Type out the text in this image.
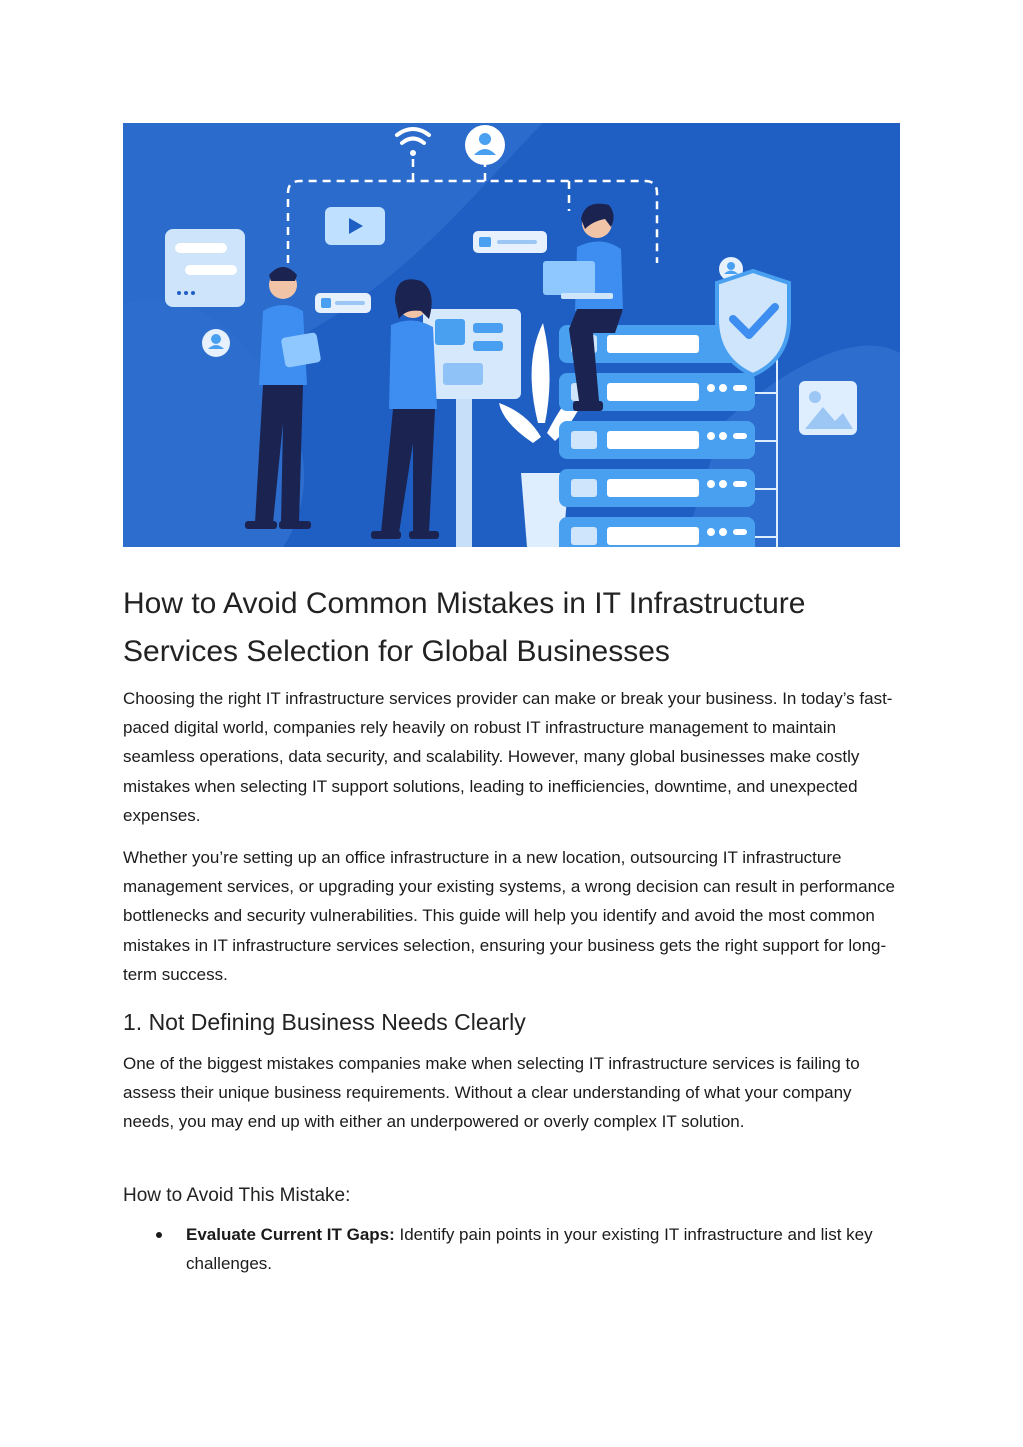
How to Avoid Common Mistakes in IT Infrastructure Services Selection for Global Businesses

Choosing the right IT infrastructure services provider can make or break your business. In today’s fast-paced digital world, companies rely heavily on robust IT infrastructure management to maintain seamless operations, data security, and scalability. However, many global businesses make costly mistakes when selecting IT support solutions, leading to inefficiencies, downtime, and unexpected expenses.

Whether you’re setting up an office infrastructure in a new location, outsourcing IT infrastructure management services, or upgrading your existing systems, a wrong decision can result in performance bottlenecks and security vulnerabilities. This guide will help you identify and avoid the most common mistakes in IT infrastructure services selection, ensuring your business gets the right support for long-term success.

1. Not Defining Business Needs Clearly

One of the biggest mistakes companies make when selecting IT infrastructure services is failing to assess their unique business requirements. Without a clear understanding of what your company needs, you may end up with either an underpowered or overly complex IT solution.

How to Avoid This Mistake:
Evaluate Current IT Gaps: Identify pain points in your existing IT infrastructure and list key challenges.
